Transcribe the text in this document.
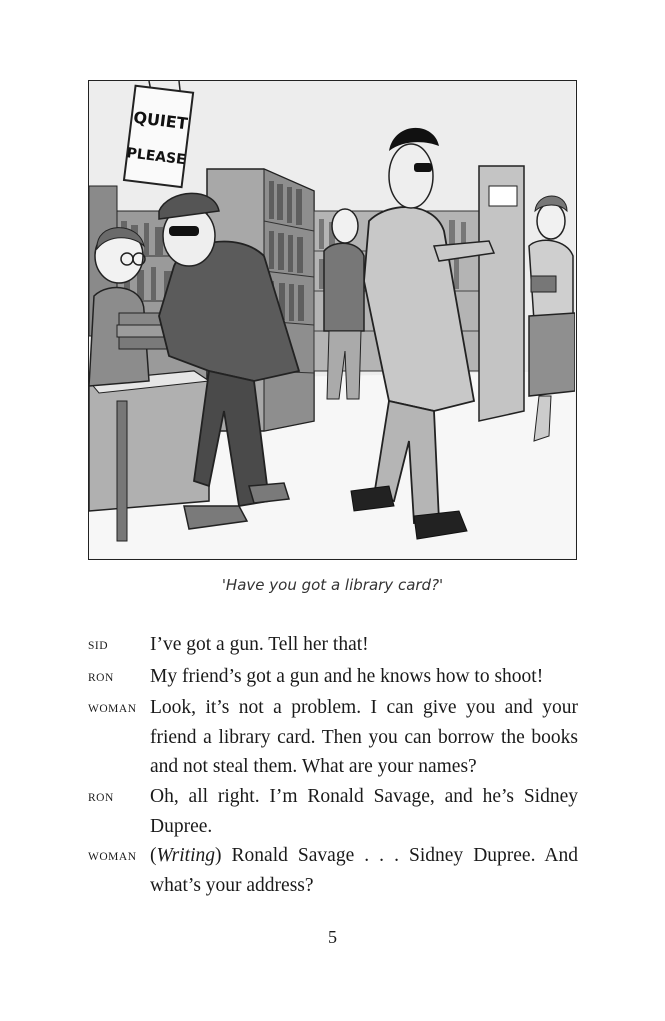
QUIET
PLEASE
'Have you got a library card?'
SID	I’ve got a gun. Tell her that!
RON	My friend’s got a gun and he knows how to shoot!
WOMAN Look, it’s not a problem. I can give you and your friend a library card. Then you can borrow the books and not steal them. What are your names?
RON	Oh, all right. I’m Ronald Savage, and he’s Sidney Dupree.
WOMAN (Writing) Ronald Savage . . . Sidney Dupree. And what’s your address?
5
